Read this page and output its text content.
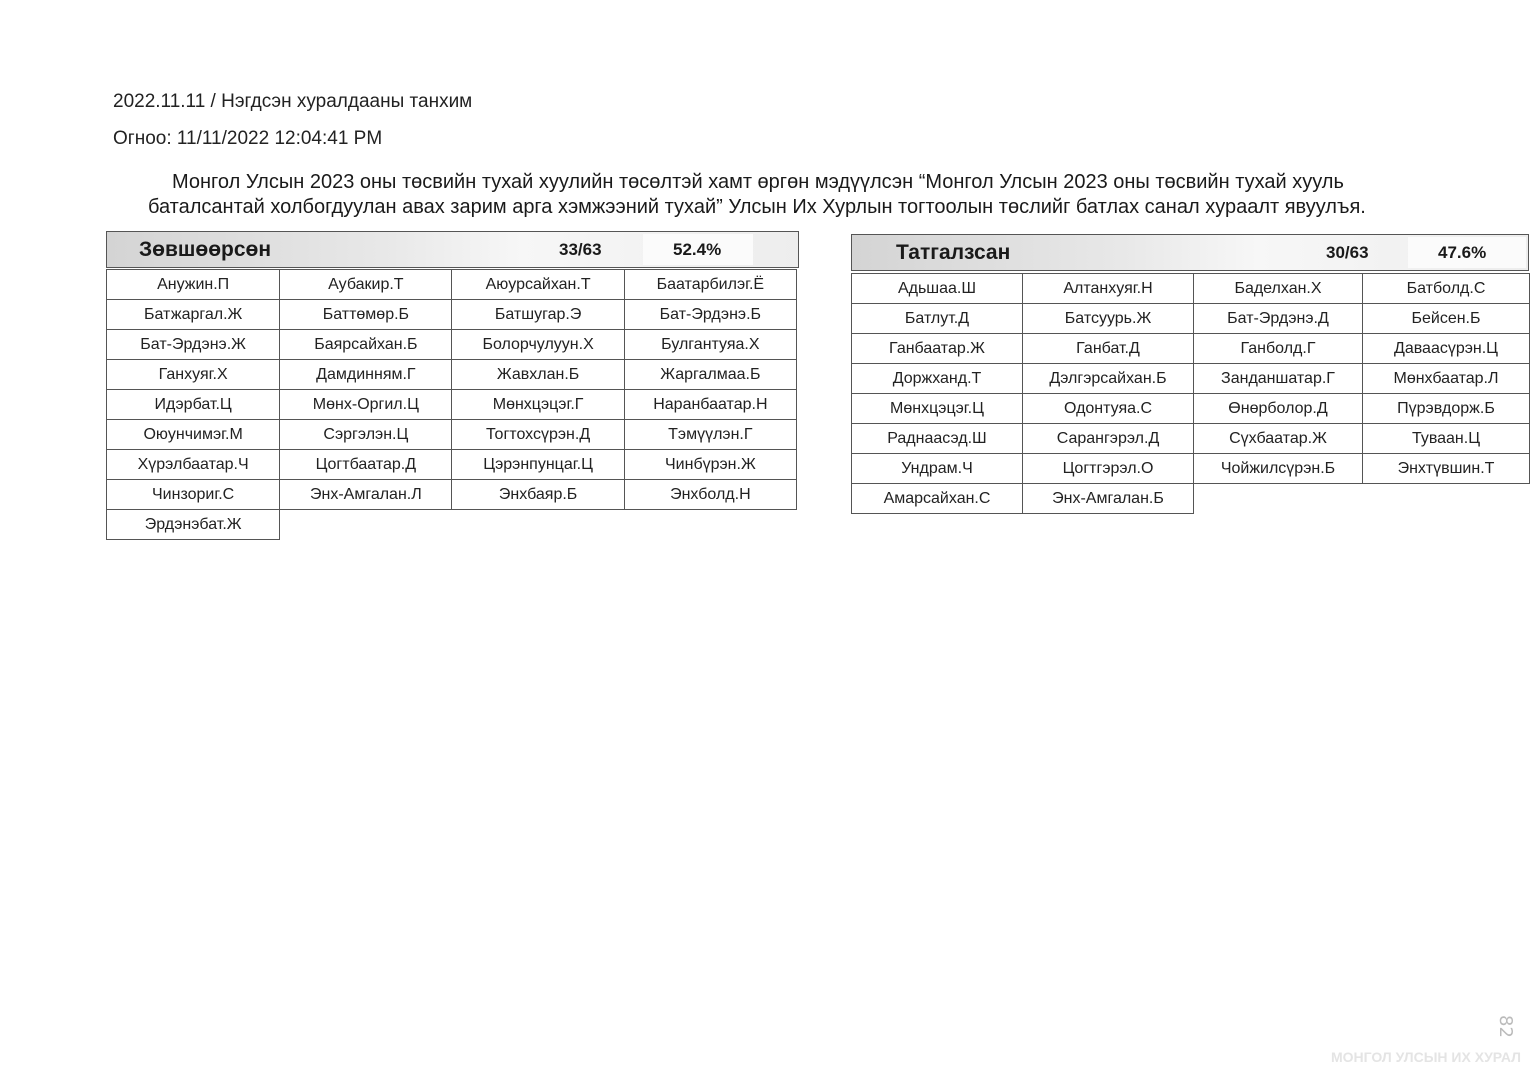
2022.11.11 / Нэгдсэн хуралдааны танхим
Огноо: 11/11/2022 12:04:41 PM
Монгол Улсын 2023 оны төсвийн тухай хуулийн төсөлтэй хамт өргөн мэдүүлсэн “Монгол Улсын 2023 оны төсвийн тухай хууль
баталсантай холбогдуулан авах зарим арга хэмжээний тухай” Улсын Их Хурлын тогтоолын төслийг батлах санал хураалт явуулъя.
Зөвшөөрсөн	33/63	52.4%
Анужин.П	Аубакир.Т	Аюурсайхан.Т	Баатарбилэг.Ё
Батжаргал.Ж	Баттөмөр.Б	Батшугар.Э	Бат-Эрдэнэ.Б
Бат-Эрдэнэ.Ж	Баярсайхан.Б	Болорчулуун.Х	Булгантуяа.Х
Ганхуяг.Х	Дамдинням.Г	Жавхлан.Б	Жаргалмаа.Б
Идэрбат.Ц	Мөнх-Оргил.Ц	Мөнхцэцэг.Г	Наранбаатар.Н
Оюунчимэг.М	Сэргэлэн.Ц	Тогтохсүрэн.Д	Тэмүүлэн.Г
Хүрэлбаатар.Ч	Цогтбаатар.Д	Цэрэнпунцаг.Ц	Чинбүрэн.Ж
Чинзориг.С	Энх-Амгалан.Л	Энхбаяр.Б	Энхболд.Н
Эрдэнэбат.Ж			
Татгалзсан	30/63	47.6%
Адьшаа.Ш	Алтанхуяг.Н	Баделхан.Х	Батболд.С
Батлут.Д	Батсуурь.Ж	Бат-Эрдэнэ.Д	Бейсен.Б
Ганбаатар.Ж	Ганбат.Д	Ганболд.Г	Даваасүрэн.Ц
Доржханд.Т	Дэлгэрсайхан.Б	Занданшатар.Г	Мөнхбаатар.Л
Мөнхцэцэг.Ц	Одонтуяа.С	Өнөрболор.Д	Пүрэвдорж.Б
Раднаасэд.Ш	Сарангэрэл.Д	Сүхбаатар.Ж	Туваан.Ц
Ундрам.Ч	Цогтгэрэл.О	Чойжилсүрэн.Б	Энхтүвшин.Т
Амарсайхан.С	Энх-Амгалан.Б		
82
МОНГОЛ УЛСЫН ИХ ХУРАЛ
